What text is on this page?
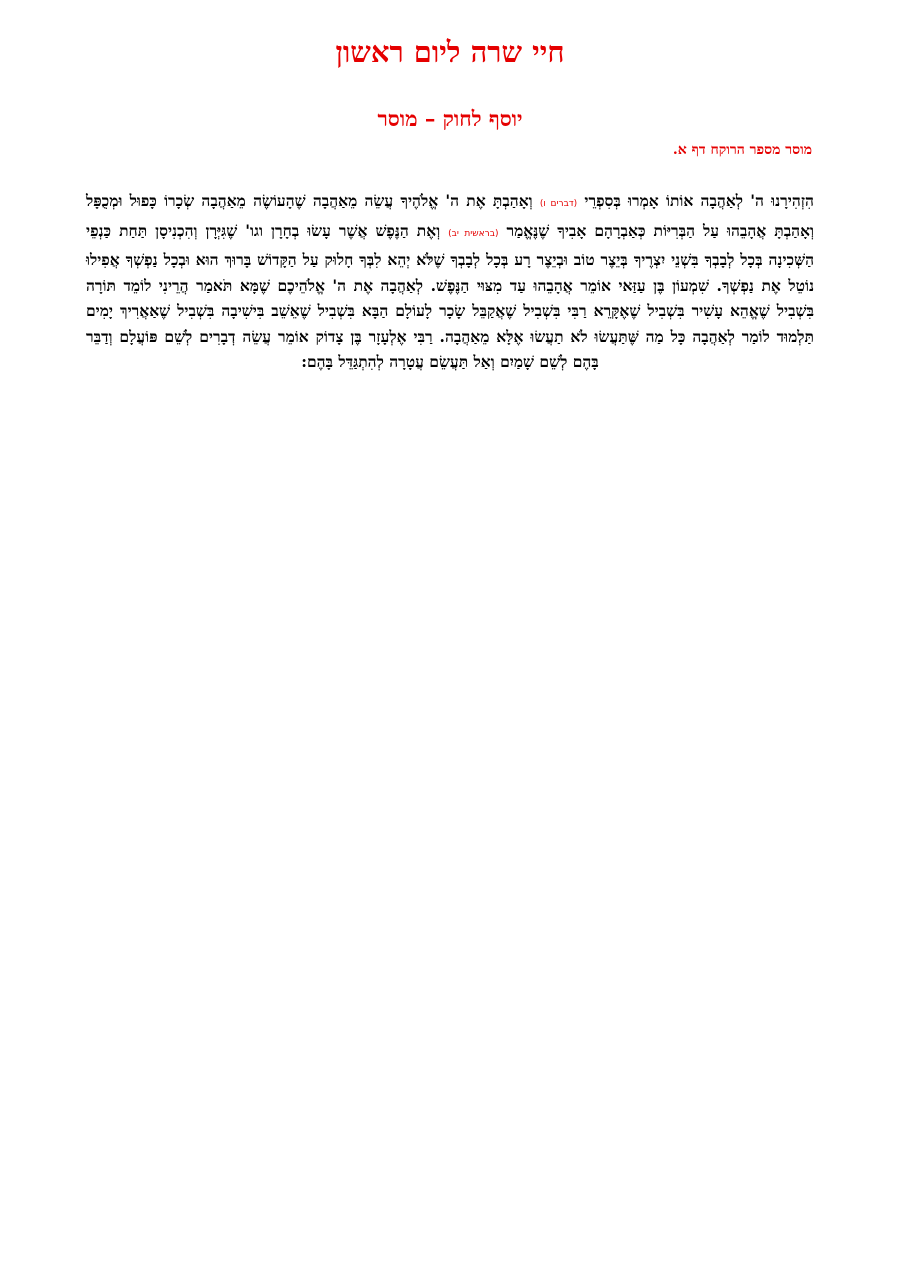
חיי שרה ליום ראשון
יוסף לחוק – מוסר
מוסר מספר הרוקח דף א.

הִזְהִירָנוּ ה' לְאַהֲבָה אוֹתוֹ אָמְרוּ בְּסִפְרֵי (דברים ו) וְאָהַבְתָּ אֶת ה' אֱלֹהֶיךָ עֲשֵׂה מֵאַהֲבָה שֶׁהָעוֹשֶׂה מֵאַהֲבָה שְׂכָרוֹ כָּפוּל וּמְכֻפָּל וְאָהַבְתָּ אֲהָבֵהוּ עַל הַבְּרִיּוֹת כְּאַבְרָהָם אָבִיךָ שֶׁנֶּאֱמַר (בראשית יב) וְאֶת הַנֶּפֶשׁ אֲשֶׁר עָשׂוּ בְחָרָן וגו' שֶׁגִּיְּרָן וְהִכְנִיסָן תַּחַת כַּנְפֵי הַשְּׁכִינָה בְּכָל לְבָבְךָ בִּשְׁנֵי יִצְרֶיךָ בְּיֵצֶר טוֹב וּבְיֵצֶר רָע בְּכָל לְבָבְךָ שֶׁלֹּא יְהֵא לִבְּךָ חָלוּק עַל הַקָּדוֹשׁ בָּרוּךְ הוּא וּבְכָל נַפְשְׁךָ אֲפִילוּ נוֹטֵל אֶת נַפְשְׁךָ. שִׁמְעוֹן בֶּן עַזַּאי אוֹמֵר אֲהָבֵהוּ עַד מִצּוּי הַנֶּפֶשׁ. לְאַהֲבָה אֶת ה' אֱלֹהֵיכֶם שֶׁמָּא תֹּאמַר הֲרֵינִי לוֹמֵד תּוֹרָה בִּשְׁבִיל שֶׁאֱהֵא עָשִׁיר בִּשְׁבִיל שֶׁאֶקָּרֵא רַבִּי בִּשְׁבִיל שֶׁאֲקַבֵּל שָׂכָר לָעוֹלָם הַבָּא בִּשְׁבִיל שֶׁאֵשֵׁב בִּישִׁיבָה בִּשְׁבִיל שֶׁאַאֲרִיךְ יָמִים תַּלְמוּד לוֹמַר לְאַהֲבָה כָּל מַה שֶּׁתַּעֲשׂוּ לֹא תַעֲשׂוּ אֶלָּא מֵאַהֲבָה. רַבִּי אֶלְעָזָר בֶּן צָדוֹק אוֹמֵר עֲשֵׂה דְבָרִים לְשֵׁם פּוֹעֲלָם וְדַבֵּר בָּהֶם לְשֵׁם שָׁמַיִם וְאַל תַּעֲשֵׂם עֲטָרָה לְהִתְגַּדֵּל בָּהֶם:
